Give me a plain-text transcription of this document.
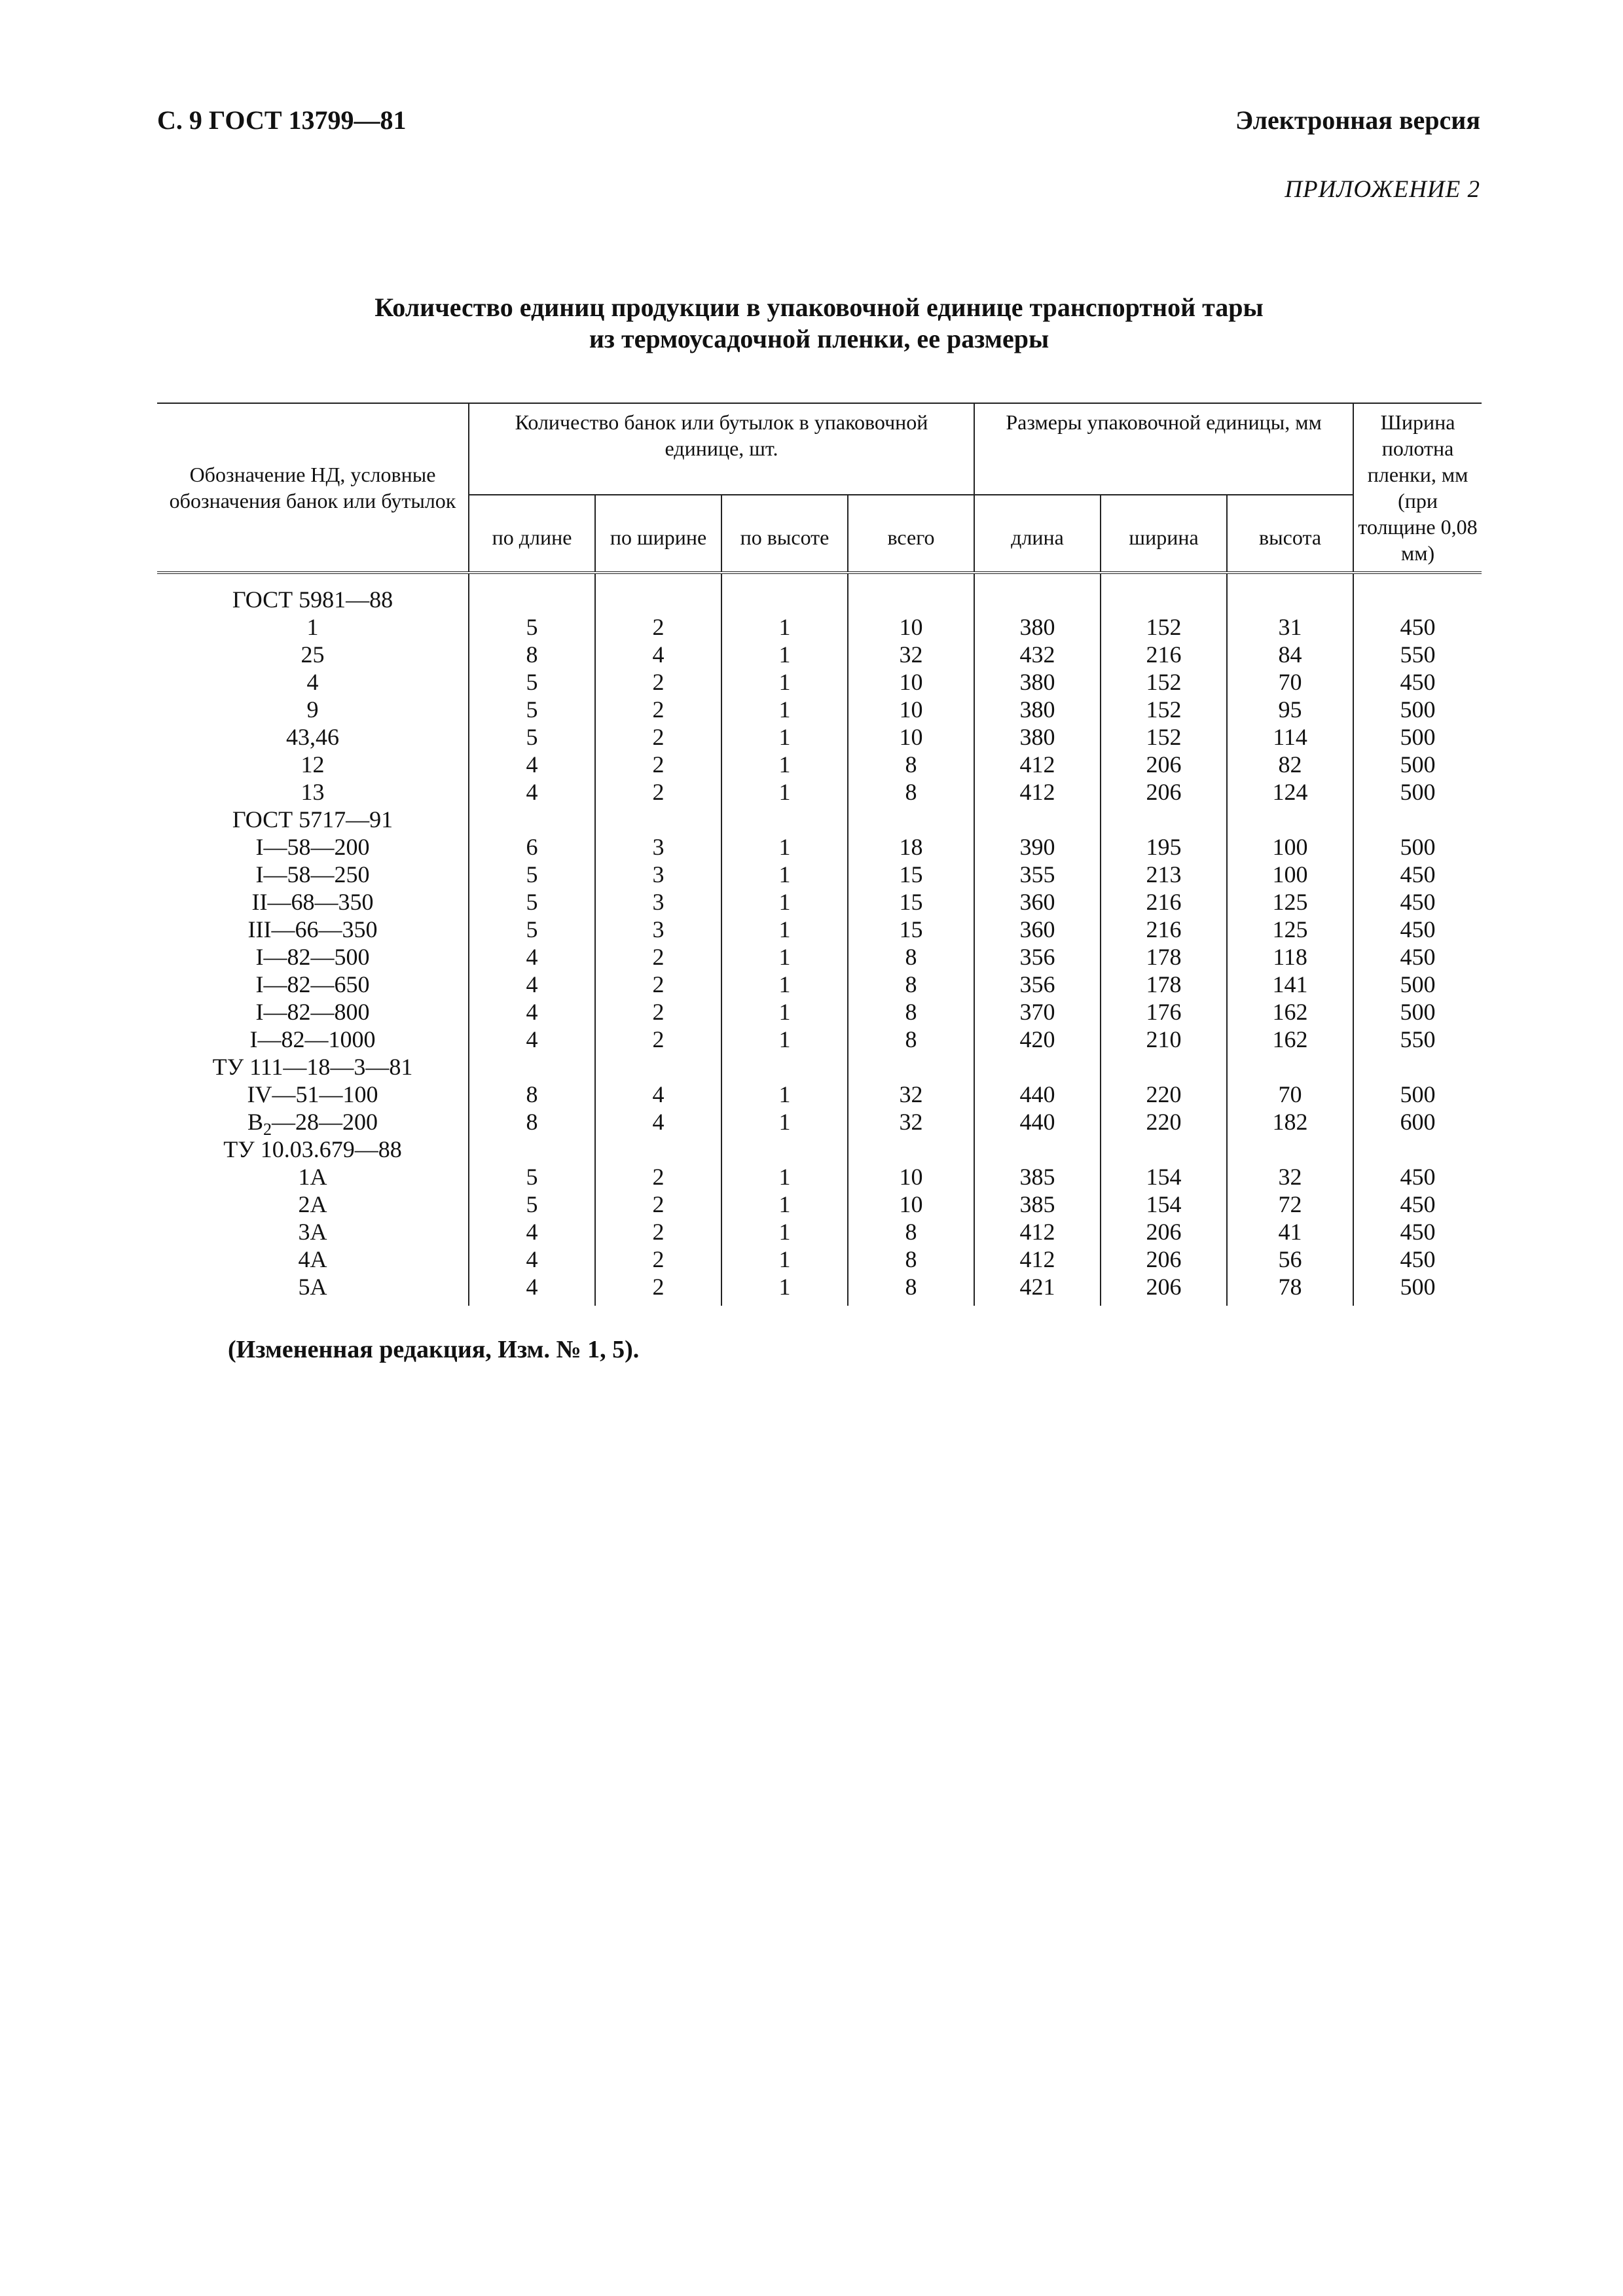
С. 9 ГОСТ 13799—81	Электронная версия
ПРИЛОЖЕНИЕ 2
Количество единиц продукции в упаковочной единице транспортной тары
из термоусадочной пленки, ее размеры
Обозначение НД, условные обозначения банок или бутылок	Количество банок или бутылок в упаковочной единице, шт.				Размеры упаковочной единицы, мм			Ширина полотна пленки, мм (при толщине 0,08 мм)
	по длине	по ширине	по высоте	всего	длина	ширина	высота	
ГОСТ 5981—88								
1	5	2	1	10	380	152	31	450
25	8	4	1	32	432	216	84	550
4	5	2	1	10	380	152	70	450
9	5	2	1	10	380	152	95	500
43,46	5	2	1	10	380	152	114	500
12	4	2	1	8	412	206	82	500
13	4	2	1	8	412	206	124	500
ГОСТ 5717—91								
I—58—200	6	3	1	18	390	195	100	500
I—58—250	5	3	1	15	355	213	100	450
II—68—350	5	3	1	15	360	216	125	450
III—66—350	5	3	1	15	360	216	125	450
I—82—500	4	2	1	8	356	178	118	450
I—82—650	4	2	1	8	356	178	141	500
I—82—800	4	2	1	8	370	176	162	500
I—82—1000	4	2	1	8	420	210	162	550
ТУ 111—18—3—81								
IV—51—100	8	4	1	32	440	220	70	500
$В_2—28—200$	8	4	1	32	440	220	182	600
ТУ 10.03.679—88								
1А	5	2	1	10	385	154	32	450
2А	5	2	1	10	385	154	72	450
3А	4	2	1	8	412	206	41	450
4А	4	2	1	8	412	206	56	450
5А	4	2	1	8	421	206	78	500
(Измененная редакция, Изм. № 1, 5).
